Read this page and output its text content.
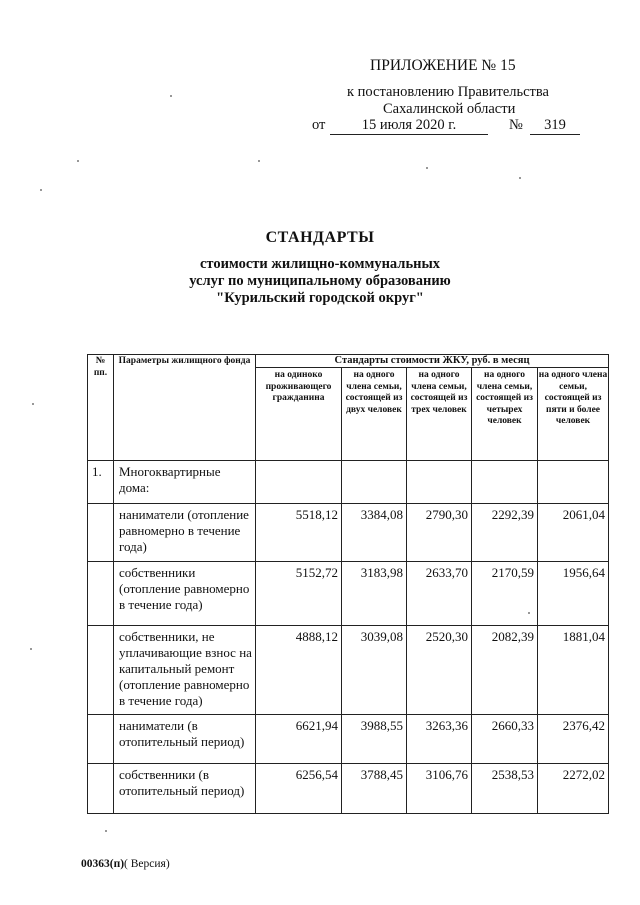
ПРИЛОЖЕНИЕ № 15
к постановлению Правительства
Сахалинской области
от	15 июля 2020 г.	№	319
СТАНДАРТЫ
стоимости жилищно-коммунальных
услуг по муниципальному образованию
"Курильский городской округ"
№ пп.	Параметры жилищного фонда	Стандарты стоимости ЖКУ, руб. в месяц				
		на одиноко проживающего гражданина	на одного члена семьи, состоящей из двух человек	на одного члена семьи, состоящей из трех человек	на одного члена семьи, состоящей из четырех человек	на одного члена семьи, состоящей из пяти и более человек
1.	Многоквартирные дома:					
	наниматели (отопление равномерно в течение года)	5518,12	3384,08	2790,30	2292,39	2061,04
	собственники (отопление равномерно в течение года)	5152,72	3183,98	2633,70	2170,59	1956,64
	собственники, не уплачивающие взнос на капитальный ремонт (отопление равномерно в течение года)	4888,12	3039,08	2520,30	2082,39	1881,04
	наниматели (в отопительный период)	6621,94	3988,55	3263,36	2660,33	2376,42
	собственники (в отопительный период)	6256,54	3788,45	3106,76	2538,53	2272,02
00363(п)( Версия)
